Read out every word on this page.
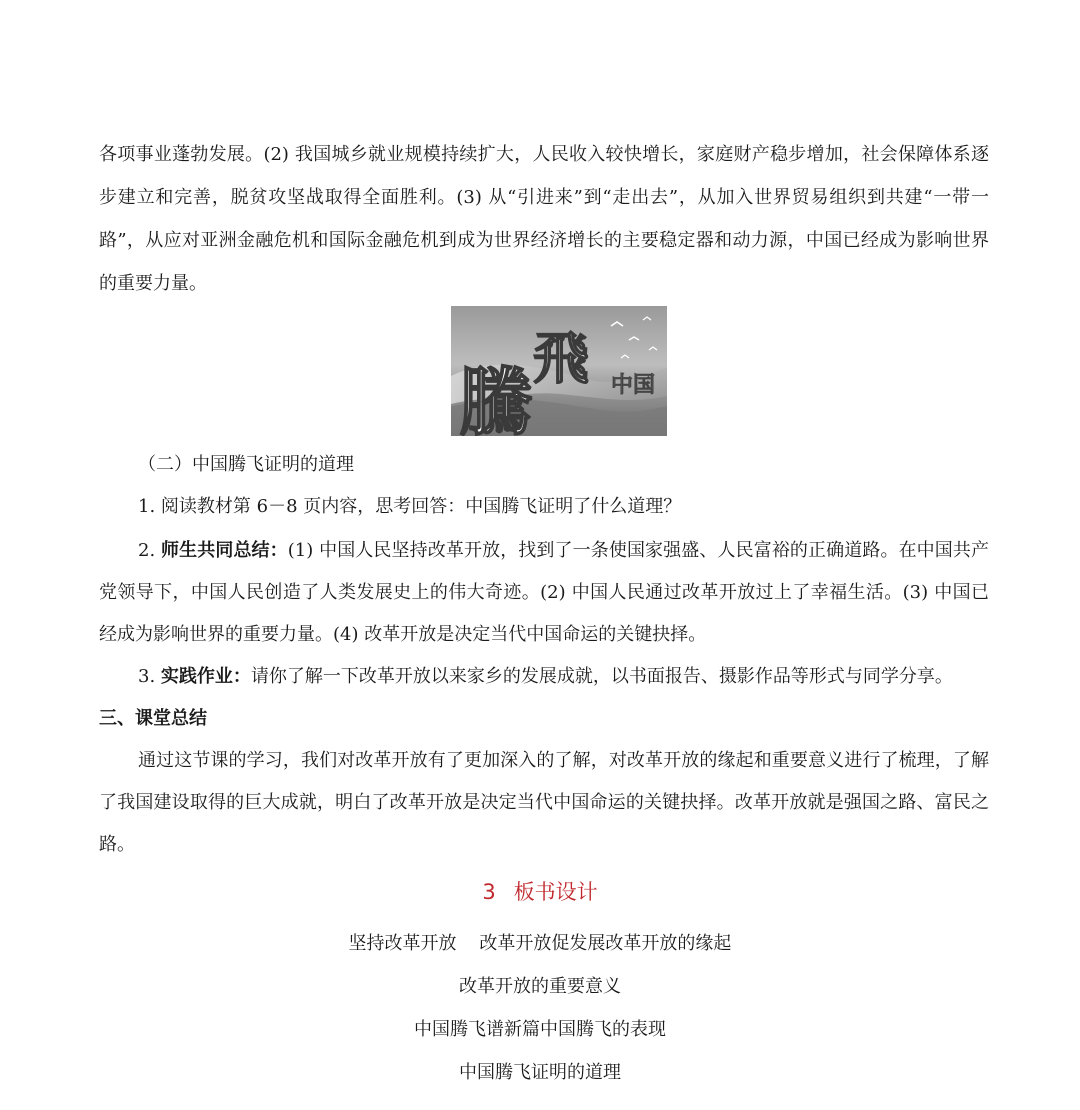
各项事业蓬勃发展。(2) 我国城乡就业规模持续扩大，人民收入较快增长，家庭财产稳步增加，社会保障体系逐步建立和完善，脱贫攻坚战取得全面胜利。(3) 从“引进来”到“走出去”，从加入世界贸易组织到共建“一带一路”，从应对亚洲金融危机和国际金融危机到成为世界经济增长的主要稳定器和动力源，中国已经成为影响世界的重要力量。

騰
飛 中国

（二）中国腾飞证明的道理

1. 阅读教材第 6－8 页内容，思考回答：中国腾飞证明了什么道理？

2. 师生共同总结：(1) 中国人民坚持改革开放，找到了一条使国家强盛、人民富裕的正确道路。在中国共产党领导下，中国人民创造了人类发展史上的伟大奇迹。(2) 中国人民通过改革开放过上了幸福生活。(3) 中国已经成为影响世界的重要力量。(4) 改革开放是决定当代中国命运的关键抉择。

3. 实践作业：请你了解一下改革开放以来家乡的发展成就，以书面报告、摄影作品等形式与同学分享。

三、课堂总结

通过这节课的学习，我们对改革开放有了更加深入的了解，对改革开放的缘起和重要意义进行了梳理，了解了我国建设取得的巨大成就，明白了改革开放是决定当代中国命运的关键抉择。改革开放就是强国之路、富民之路。

3 板书设计
坚持改革开放    改革开放促发展改革开放的缘起
改革开放的重要意义
中国腾飞谱新篇中国腾飞的表现
中国腾飞证明的道理
